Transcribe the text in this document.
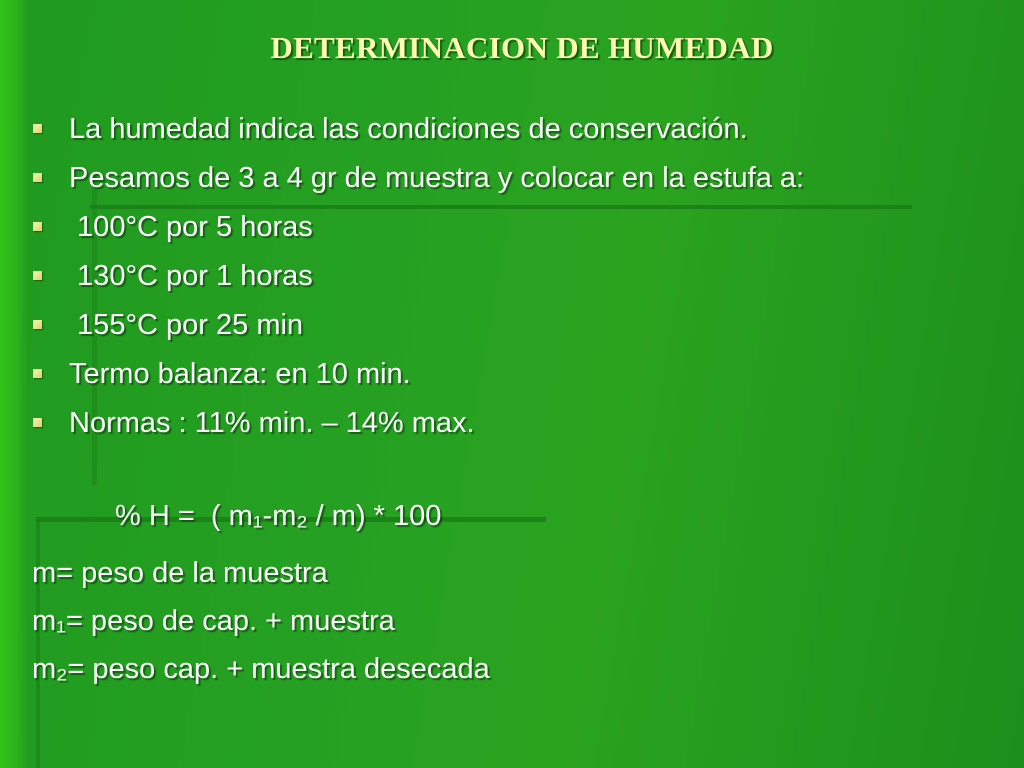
DETERMINACION DE HUMEDAD
La humedad indica las condiciones de conservación.
Pesamos de 3 a 4 gr de muestra y colocar en la estufa a:
100°C por 5 horas
130°C por 1 horas
155°C por 25 min
Termo balanza: en 10 min.
Normas : 11% min. – 14% max.
% H =  ( m₁-m₂ / m) * 100
m= peso de la muestra
m₁= peso de cap. + muestra
m₂= peso cap. + muestra desecada
